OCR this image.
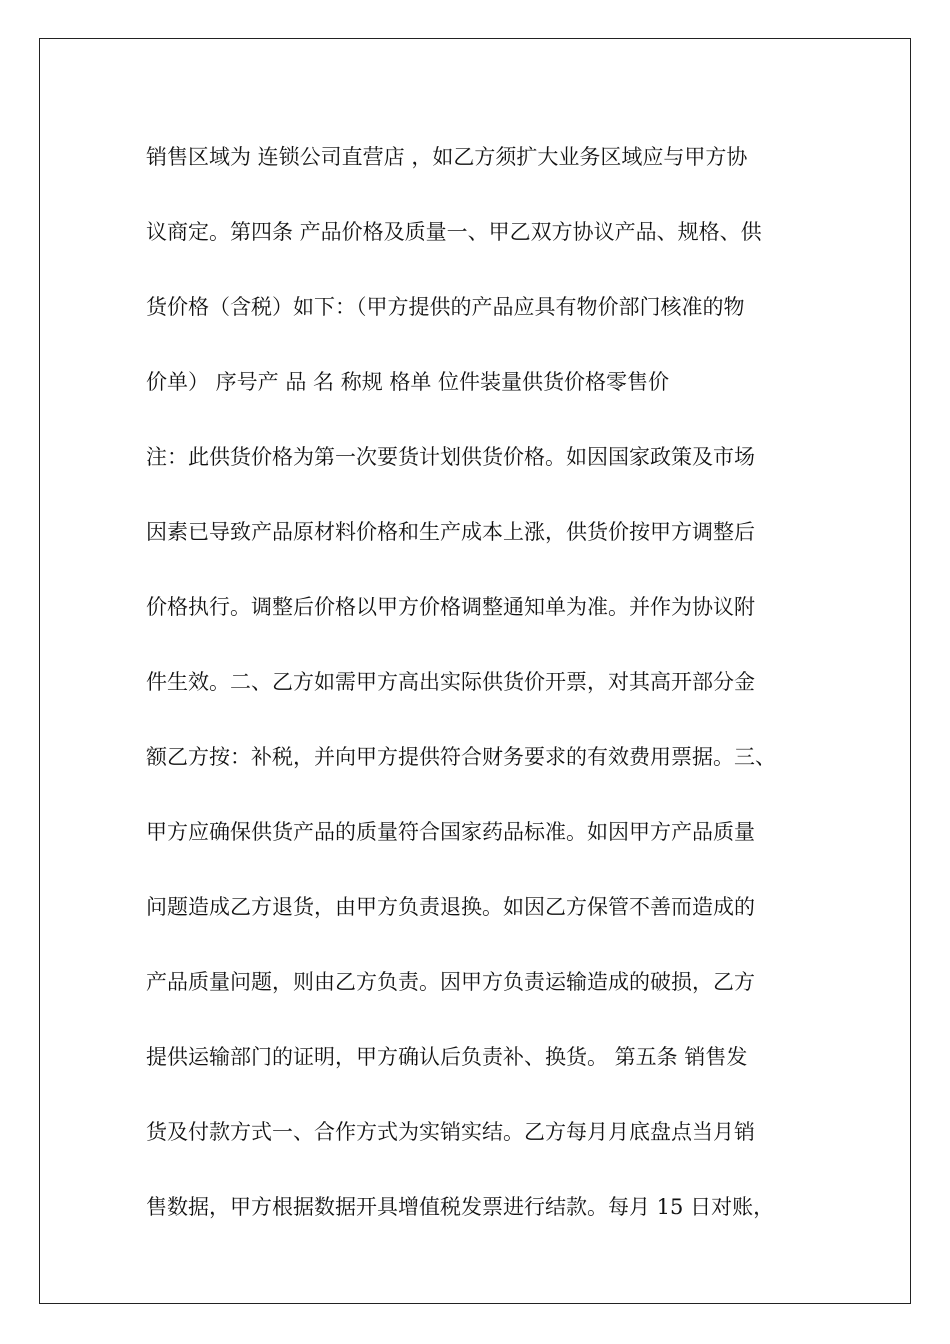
销售区域为 连锁公司直营店 ，如乙方须扩大业务区域应与甲方协
议商定。第四条 产品价格及质量一、甲乙双方协议产品、规格、供
货价格（含税）如下：（甲方提供的产品应具有物价部门核准的物
价单） 序号产 品 名 称规 格单 位件装量供货价格零售价
注：此供货价格为第一次要货计划供货价格。如因国家政策及市场
因素已导致产品原材料价格和生产成本上涨，供货价按甲方调整后
价格执行。调整后价格以甲方价格调整通知单为准。并作为协议附
件生效。二、乙方如需甲方高出实际供货价开票，对其高开部分金
额乙方按：补税，并向甲方提供符合财务要求的有效费用票据。三、
甲方应确保供货产品的质量符合国家药品标准。如因甲方产品质量
问题造成乙方退货，由甲方负责退换。如因乙方保管不善而造成的
产品质量问题，则由乙方负责。因甲方负责运输造成的破损，乙方
提供运输部门的证明，甲方确认后负责补、换货。 第五条 销售发
货及付款方式一、合作方式为实销实结。乙方每月月底盘点当月销
售数据，甲方根据数据开具增值税发票进行结款。每月 15 日对账，
